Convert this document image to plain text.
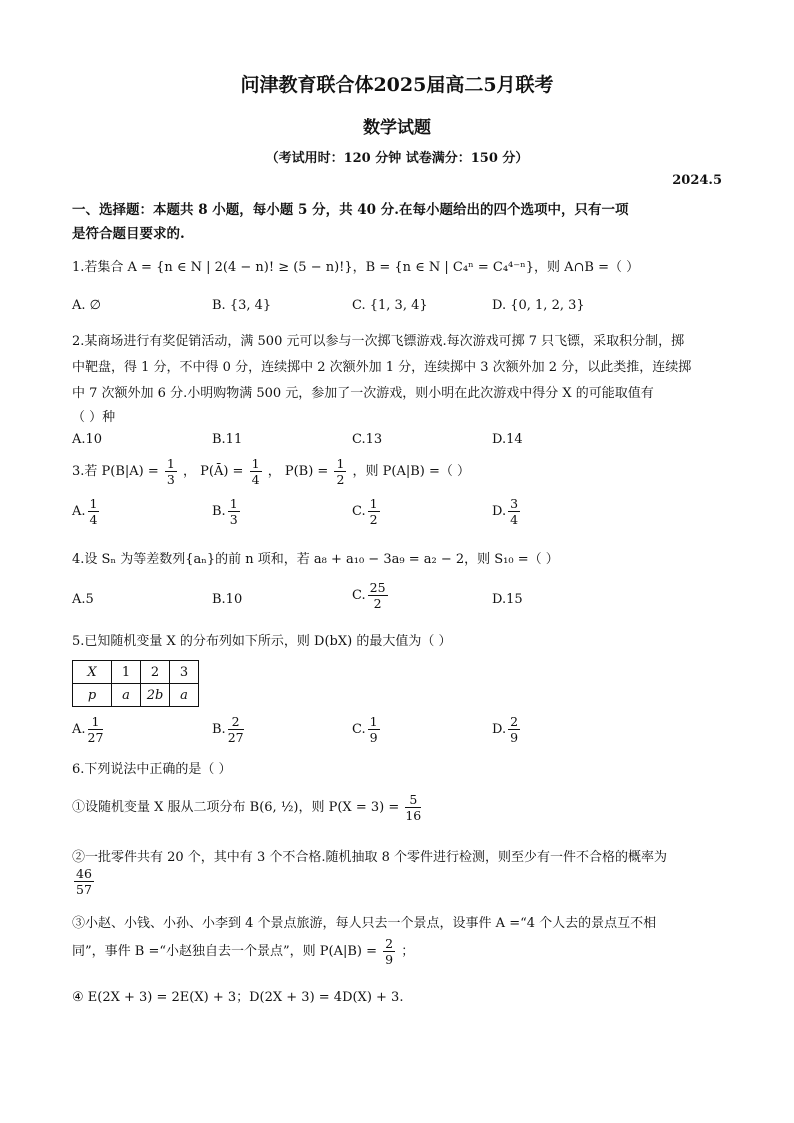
问津教育联合体2025届高二5月联考
数学试题
（考试用时：120 分钟 试卷满分：150 分）
2024.5
一、选择题：本题共 8 小题，每小题 5 分，共 40 分.在每小题给出的四个选项中，只有一项
是符合题目要求的.
1.若集合 A = {n ∈ N | 2(4 − n)! ≥ (5 − n)!}，B = {n ∈ N | C₄ⁿ = C₄⁴⁻ⁿ}，则 A∩B =（ ）
A. ∅	B. {3, 4}	C. {1, 3, 4}	D. {0, 1, 2, 3}
2.某商场进行有奖促销活动，满 500 元可以参与一次掷飞镖游戏.每次游戏可掷 7 只飞镖，采取积分制，掷
中靶盘，得 1 分，不中得 0 分，连续掷中 2 次额外加 1 分，连续掷中 3 次额外加 2 分，以此类推，连续掷
中 7 次额外加 6 分.小明购物满 500 元，参加了一次游戏，则小明在此次游戏中得分 X 的可能取值有
（ ）种
A.10	B.11	C.13	D.14
3.若 $P(B|A) = \frac{1}{3}$ ， P(Ā) = $\frac{1}{4}$ ， $P(B) = \frac{1}{2}$ ，则 P(A|B) =（ ）
A. $\frac{1}{4}$	B. $\frac{1}{3}$	C. $\frac{1}{2}$	D. $\frac{3}{4}$
4.设 Sₙ 为等差数列{aₙ}的前 n 项和，若 a₈ + a₁₀ − 3a₉ = a₂ − 2，则 S₁₀ =（ ）
A.5	B.10	C. $\frac{25}{2}$	D.15
5.已知随机变量 X 的分布列如下所示，则 D(bX) 的最大值为（ ）
X	1	2	3
p	a	2b	a
A. $\frac{1}{27}$	B. $\frac{2}{27}$	C. $\frac{1}{9}$	D. $\frac{2}{9}$
6.下列说法中正确的是（ ）
①设随机变量 X 服从二项分布 B(6, ½)，则 $P(X = 3) = \frac{5}{16}$
②一批零件共有 20 个，其中有 3 个不合格.随机抽取 8 个零件进行检测，则至少有一件不合格的概率为
$\frac{46}{57}$
③小赵、小钱、小孙、小李到 4 个景点旅游，每人只去一个景点，设事件 A =“4 个人去的景点互不相
同”，事件 B =“小赵独自去一个景点”，则 $P(A|B) = \frac{2}{9}$ ；
④ E(2X + 3) = 2E(X) + 3；D(2X + 3) = 4D(X) + 3.
